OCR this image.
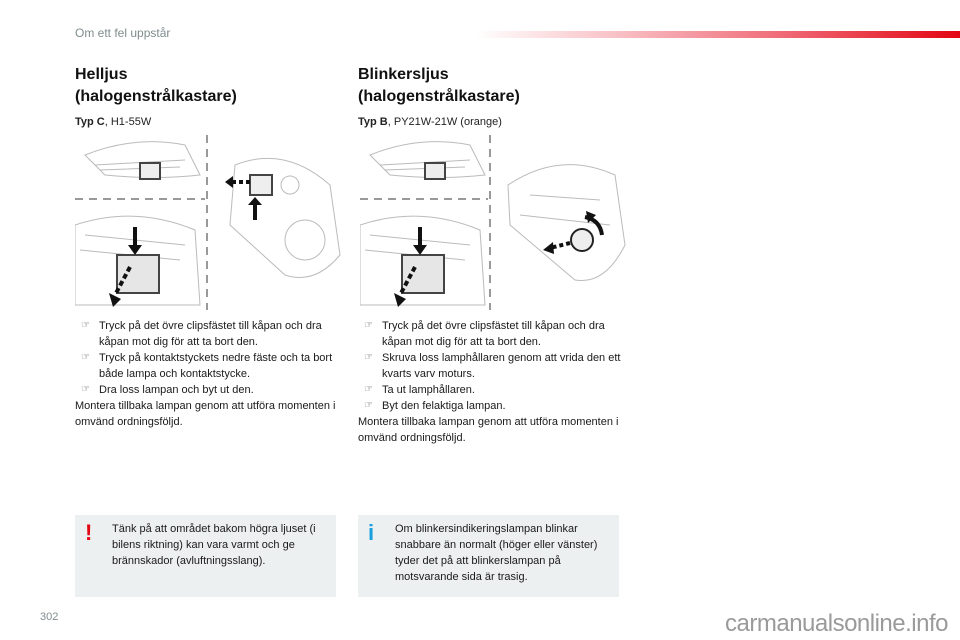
Om ett fel uppstår
Helljus
(halogenstrålkastare)
Typ C, H1-55W
Blinkersljus
(halogenstrålkastare)
Typ B, PY21W-21W (orange)
☞ Tryck på det övre clipsfästet till kåpan och dra kåpan mot dig för att ta bort den.
☞ Tryck på kontaktstyckets nedre fäste och ta bort både lampa och kontaktstycke.
☞ Dra loss lampan och byt ut den.
Montera tillbaka lampan genom att utföra momenten i omvänd ordningsföljd.
☞ Tryck på det övre clipsfästet till kåpan och dra kåpan mot dig för att ta bort den.
☞ Skruva loss lamphållaren genom att vrida den ett kvarts varv moturs.
☞ Ta ut lamphållaren.
☞ Byt den felaktiga lampan.
Montera tillbaka lampan genom att utföra momenten i omvänd ordningsföljd.
! Tänk på att området bakom högra ljuset (i bilens riktning) kan vara varmt och ge brännskador (avluftningsslang).
i Om blinkersindikeringslampan blinkar snabbare än normalt (höger eller vänster) tyder det på att blinkerslampan på motsvarande sida är trasig.
302	carmanualsonline.info
